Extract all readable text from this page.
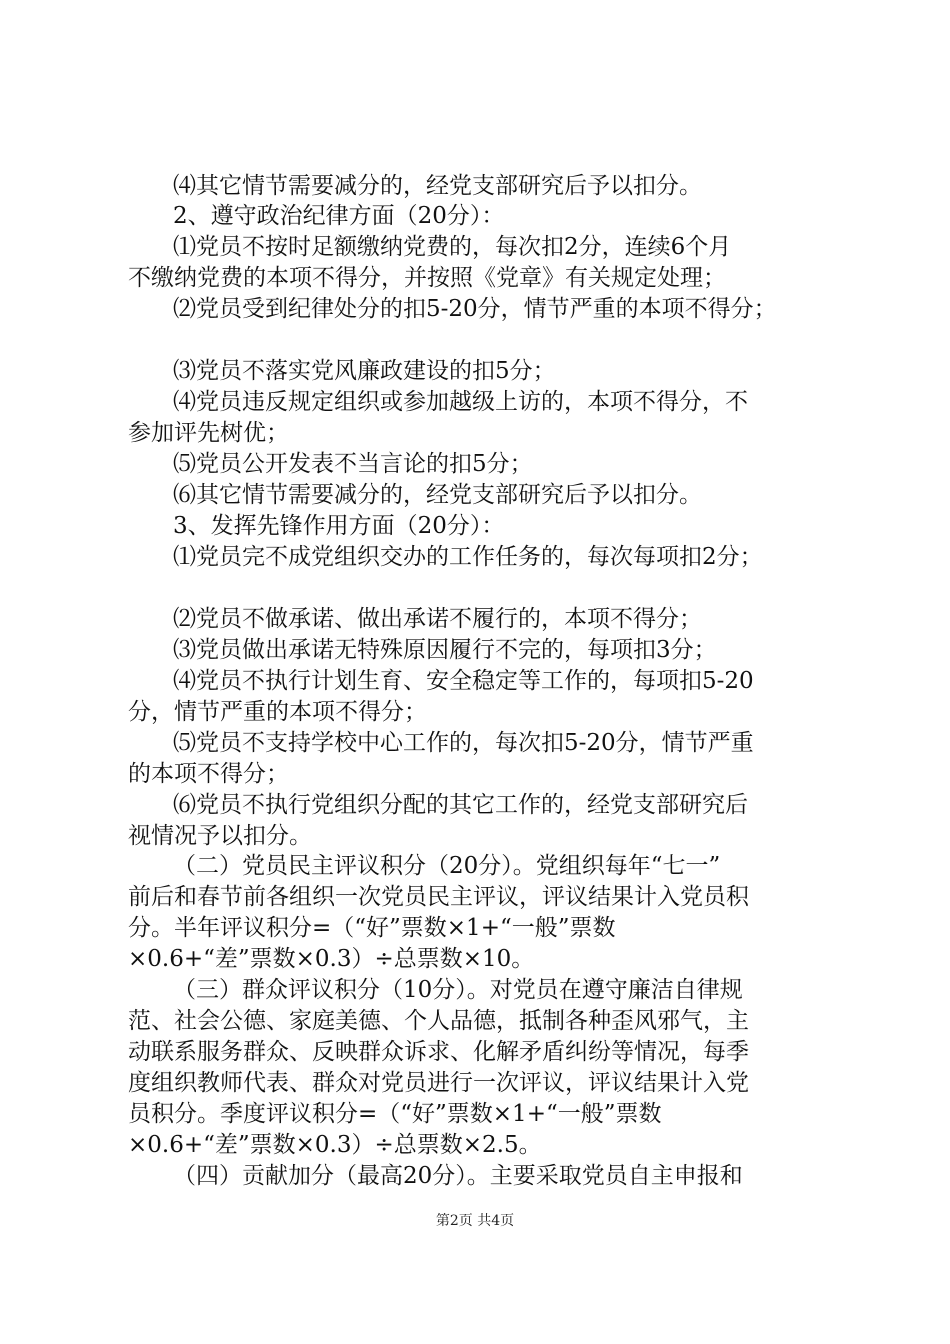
⑷其它情节需要减分的，经党支部研究后予以扣分。
2、遵守政治纪律方面（20分）：
⑴党员不按时足额缴纳党费的，每次扣2分，连续6个月
不缴纳党费的本项不得分，并按照《党章》有关规定处理；
⑵党员受到纪律处分的扣5-20分，情节严重的本项不得分；
⑶党员不落实党风廉政建设的扣5分；
⑷党员违反规定组织或参加越级上访的，本项不得分，不
参加评先树优；
⑸党员公开发表不当言论的扣5分；
⑹其它情节需要减分的，经党支部研究后予以扣分。
3、发挥先锋作用方面（20分）：
⑴党员完不成党组织交办的工作任务的，每次每项扣2分；
⑵党员不做承诺、做出承诺不履行的，本项不得分；
⑶党员做出承诺无特殊原因履行不完的，每项扣3分；
⑷党员不执行计划生育、安全稳定等工作的，每项扣5-20
分，情节严重的本项不得分；
⑸党员不支持学校中心工作的，每次扣5-20分，情节严重
的本项不得分；
⑹党员不执行党组织分配的其它工作的，经党支部研究后
视情况予以扣分。
（二）党员民主评议积分（20分）。党组织每年“七一”
前后和春节前各组织一次党员民主评议，评议结果计入党员积
分。半年评议积分=（“好”票数×1+“一般”票数
×0.6+“差”票数×0.3）÷总票数×10。
（三）群众评议积分（10分）。对党员在遵守廉洁自律规
范、社会公德、家庭美德、个人品德，抵制各种歪风邪气，主
动联系服务群众、反映群众诉求、化解矛盾纠纷等情况，每季
度组织教师代表、群众对党员进行一次评议，评议结果计入党
员积分。季度评议积分=（“好”票数×1+“一般”票数
×0.6+“差”票数×0.3）÷总票数×2.5。
（四）贡献加分（最高20分）。主要采取党员自主申报和
第2页 共4页
